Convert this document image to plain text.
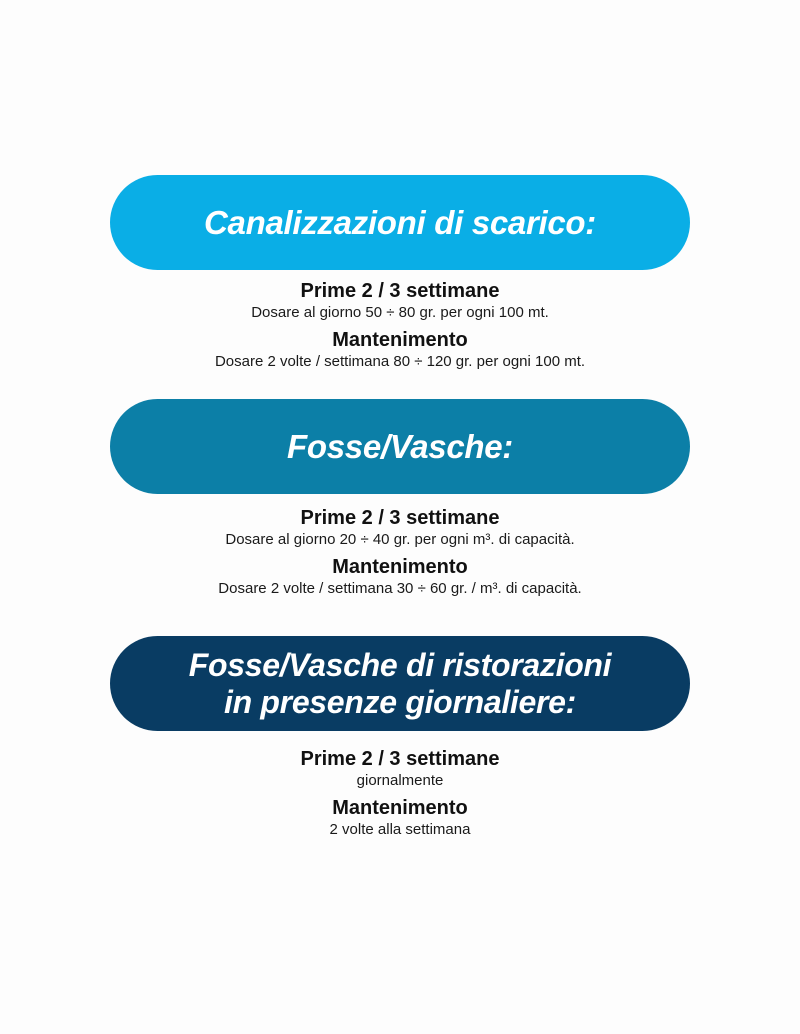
Canalizzazioni di scarico:
Prime 2 / 3 settimane
Dosare al giorno 50 ÷ 80 gr. per ogni 100 mt.
Mantenimento
Dosare 2 volte / settimana 80 ÷ 120 gr. per ogni 100 mt.
Fosse/Vasche:
Prime 2 / 3 settimane
Dosare al giorno 20 ÷ 40 gr. per ogni m³. di capacità.
Mantenimento
Dosare 2 volte / settimana 30 ÷ 60 gr. / m³. di capacità.
Fosse/Vasche di ristorazioni
in presenze giornaliere:
Prime 2 / 3 settimane
giornalmente
Mantenimento
2 volte alla settimana
